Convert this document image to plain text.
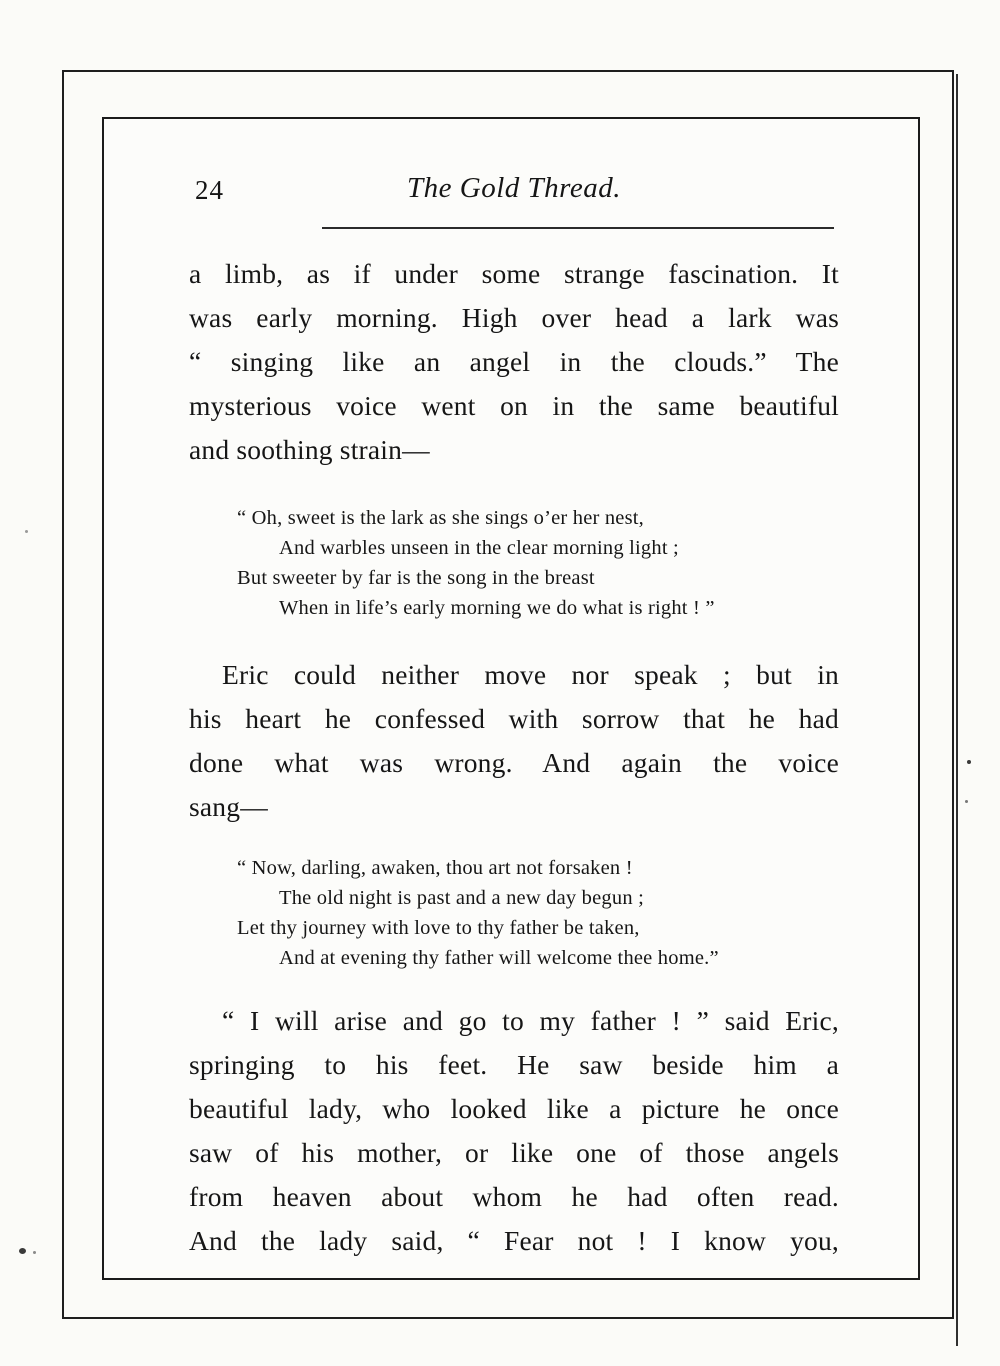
24	The Gold Thread.
a limb, as if under some strange fascination. It
was early morning. High over head a lark was
“ singing like an angel in the clouds.” The
mysterious voice went on in the same beautiful
and soothing strain—
“ Oh, sweet is the lark as she sings o’er her nest,
And warbles unseen in the clear morning light ;
But sweeter by far is the song in the breast
When in life’s early morning we do what is right ! ”
Eric could neither move nor speak ; but in
his heart he confessed with sorrow that he had
done what was wrong. And again the voice
sang—
“ Now, darling, awaken, thou art not forsaken !
The old night is past and a new day begun ;
Let thy journey with love to thy father be taken,
And at evening thy father will welcome thee home.”
“ I will arise and go to my father ! ” said Eric,
springing to his feet. He saw beside him a
beautiful lady, who looked like a picture he once
saw of his mother, or like one of those angels
from heaven about whom he had often read.
And the lady said, “ Fear not ! I know you,
